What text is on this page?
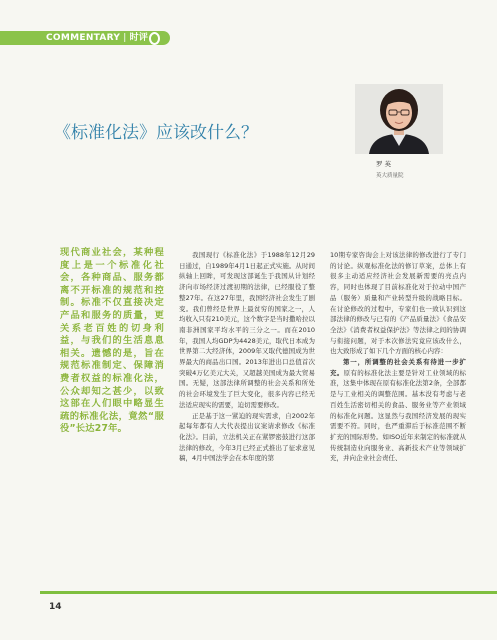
COMMENTARY | 时评
《标准化法》应该改什么？
罗 英
英大质量院
现代商业社会，某种程度上是一个标准化社会，各种商品、服务都离不开标准的规范和控制。标准不仅直接决定产品和服务的质量，更关系老百姓的切身利益，与我们的生活息息相关。遗憾的是，旨在规范标准制定、保障消费者权益的标准化法，公众却知之甚少，以致这部在人们眼中略显生疏的标准化法，竟然“服役”长达27年。

我国现行《标准化法》于1988年12月29日通过，自1989年4月1日起正式实施。从时间纵轴上回眸，可发现这部诞生于我国从计划经济向市场经济过渡初期的法律，已经服役了整整27年。在这27年里，我国经济社会发生了剧变。我们曾经是世界上最贫穷的国家之一，人均收入只有210美元，这个数字是当时撒哈拉以南非洲国家平均水平的三分之一。而在2010年，我国人均GDP为4428美元，取代日本成为世界第二大经济体，2009年又取代德国成为世界最大的商品出口国。2013年进出口总值首次突破4万亿美元大关，又超越美国成为最大贸易国。无疑，这部法律所调整的社会关系和所处的社会环境发生了巨大变化，很多内容已经无法适应现实的需要，迫切需要修改。

正是基于这一紧迫的现实需求，自2002年起每年都有人大代表提出议案请求修改《标准化法》。目前，立法机关正在紧锣密鼓进行这部法律的修改，今年3月已经正式推出了征求意见稿，4月中国法学会在本年度的第

10期专家咨询会上对该法律的修改进行了专门的讨论。纵观标准化法的修订草案，总体上有很多主动适应经济社会发展新需要的亮点内容，同时也体现了目前标准化对于拉动中国产品（服务）质量和产业转型升级的战略目标。在讨论修改的过程中，专家们也一致认识到这部法律的修改与已有的《产品质量法》《食品安全法》《消费者权益保护法》等法律之间的协调与衔接问题，对于本次修法究竟应该改什么，也大致形成了如下几个方面的核心内容：

第一，所调整的社会关系有待进一步扩充。原有的标准化法主要是针对工业领域的标准，这集中体现在原有标准化法第2条，全部都是与工业相关的调整范围。基本没有考虑与老百姓生活密切相关的食品、服务业等产业领域的标准化问题。这显然与我国经济发展的现实需要不符。同时，也严重滞后于标准范围不断扩充的国际形势。如ISO近年来制定的标准就从传统制造业向服务业、高新技术产业等领域扩充，并向企业社会责任、

14
